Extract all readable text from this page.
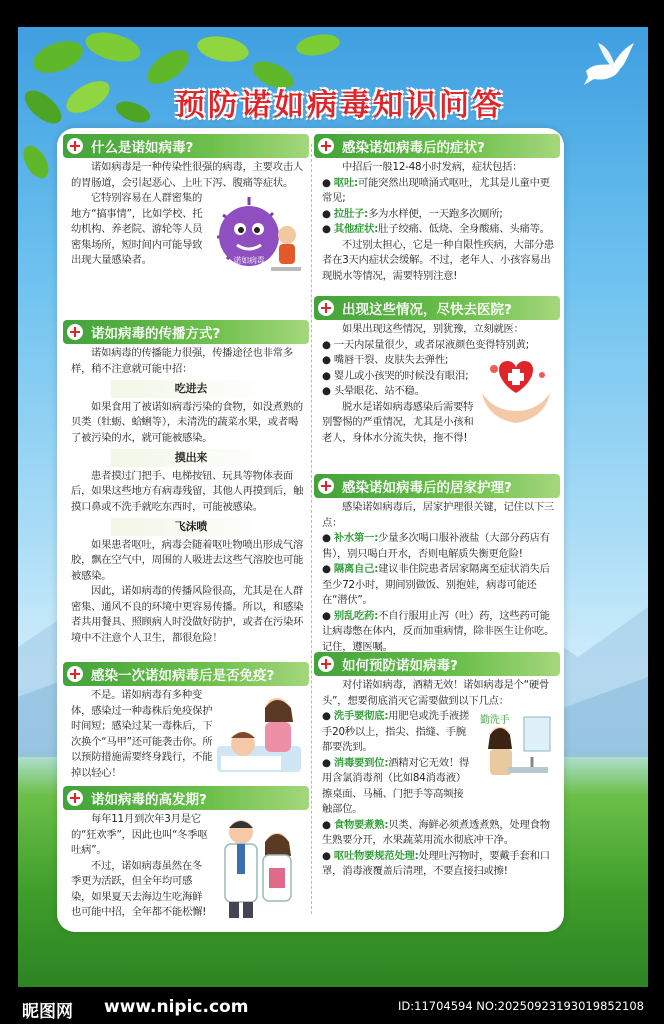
预防诺如病毒知识问答
什么是诺如病毒?

诺如病毒是一种传染性很强的病毒，主要攻击人的胃肠道，会引起恶心、上吐下泻、腹痛等症状。

诺如病毒

它特别容易在人群密集的地方“搞事情”，比如学校、托幼机构、养老院、游轮等人员密集场所，短时间内可能导致出现大量感染者。

诺如病毒的传播方式?

诺如病毒的传播能力很强，传播途径也非常多样，稍不注意就可能中招：

吃进去

如果食用了被诺如病毒污染的食物，如没煮熟的贝类（牡蛎、蛤蜊等），未清洗的蔬菜水果，或者喝了被污染的水，就可能被感染。

摸出来

患者摸过门把手、电梯按钮、玩具等物体表面后，如果这些地方有病毒残留，其他人再摸到后，触摸口鼻或不洗手就吃东西时，可能被感染。

飞沫喷

如果患者呕吐，病毒会随着呕吐物喷出形成气溶胶，飘在空气中，周围的人吸进去这些气溶胶也可能被感染。

因此，诺如病毒的传播风险很高，尤其是在人群密集、通风不良的环境中更容易传播。所以，和感染者共用餐具、照顾病人时没做好防护，或者在污染环境中不注意个人卫生，都很危险！

感染一次诺如病毒后是否免疫?

不是。诺如病毒有多种变体，感染过一种毒株后免疫保护时间短；感染过某一毒株后，下次换个“马甲”还可能袭击你。所以预防措施需要终身践行，不能掉以轻心！

诺如病毒的高发期?

每年11月到次年3月是它的“狂欢季”，因此也叫“冬季呕吐病”。

不过，诺如病毒虽然在冬季更为活跃，但全年均可感染，如果夏天去海边生吃海鲜也可能中招，全年都不能松懈!

感染诺如病毒后的症状?

中招后一般12-48小时发病，症状包括：

● 呕吐:可能突然出现喷涌式呕吐，尤其是儿童中更常见;

● 拉肚子:多为水样便，一天跑多次厕所;

● 其他症状:肚子绞痛、低烧、全身酸痛、头痛等。

不过别太担心，它是一种自限性疾病，大部分患者在3天内症状会缓解。不过，老年人、小孩容易出现脱水等情况，需要特别注意!

出现这些情况，尽快去医院?

如果出现这些情况，别犹豫，立刻就医：

● 一天内尿量很少，或者尿液颜色变得特别黄;

● 嘴唇干裂、皮肤失去弹性;

● 婴儿或小孩哭的时候没有眼泪;

● 头晕眼花、站不稳。

脱水是诺如病毒感染后需要特别警惕的严重情况，尤其是小孩和老人，身体水分流失快，拖不得!

感染诺如病毒后的居家护理?

感染诺如病毒后，居家护理很关键，记住以下三点：

● 补水第一:少量多次喝口服补液盐（大部分药店有售），别只喝白开水，否则电解质失衡更危险!

● 隔离自己:建议非住院患者居家隔离至症状消失后至少72小时，期间别做饭、别抱娃，病毒可能还在“潜伏”。

● 别乱吃药:不自行服用止泻（吐）药，这些药可能让病毒憋在体内，反而加重病情，除非医生让你吃。记住，遵医嘱。

如何预防诺如病毒?

对付诺如病毒，酒精无效！诺如病毒是个“硬骨头”，想要彻底消灭它需要做到以下几点：

勤洗手

● 洗手要彻底:用肥皂或洗手液搓手20秒以上，指尖、指缝、手腕都要洗到。

● 消毒要到位:酒精对它无效！得用含氯消毒剂（比如84消毒液）擦桌面、马桶、门把手等高频接触部位。

● 食物要煮熟:贝类、海鲜必须煮透煮熟，处理食物生熟要分开，水果蔬菜用流水彻底冲干净。

● 呕吐物要规范处理:处理吐泻物时，要戴手套和口罩，消毒液覆盖后清理，不要直接扫或擦!

昵图网 www.nipic.com	ID:11704594 NO:20250923193019852108
